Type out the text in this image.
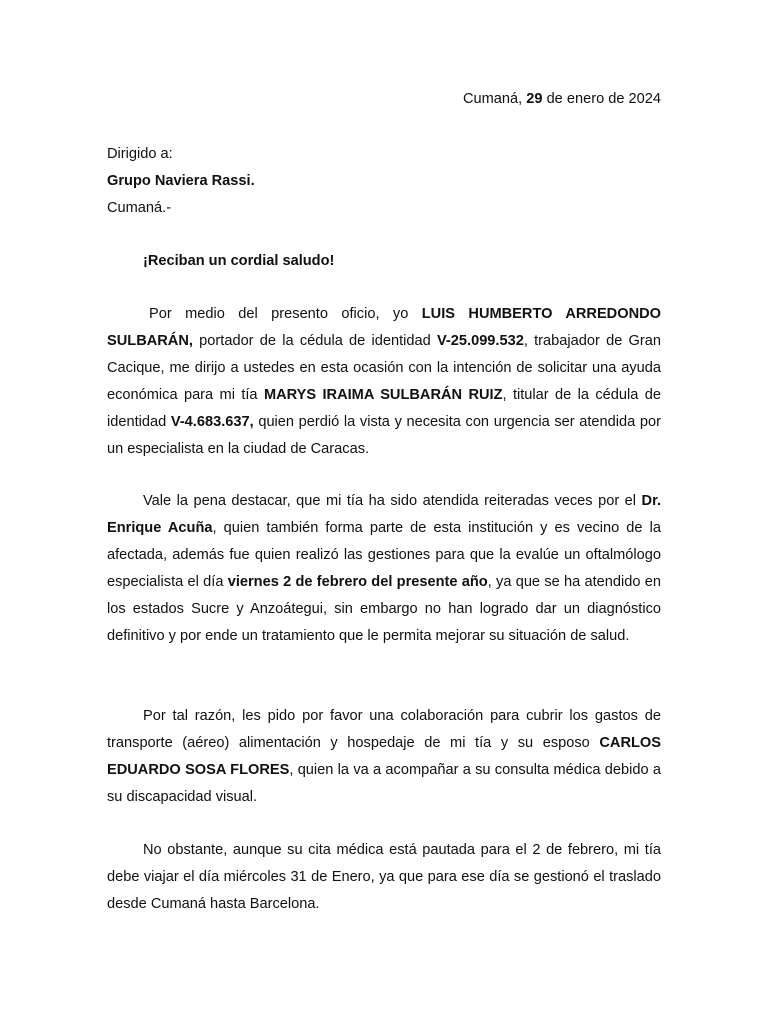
Cumaná, 29 de enero de 2024
Dirigido a:
Grupo Naviera Rassi.
Cumaná.-
¡Reciban un cordial saludo!
Por medio del presento oficio, yo LUIS HUMBERTO ARREDONDO SULBARÁN, portador de la cédula de identidad V-25.099.532, trabajador de Gran Cacique, me dirijo a ustedes en esta ocasión con la intención de solicitar una ayuda económica para mi tía MARYS IRAIMA SULBARÁN RUIZ, titular de la cédula de identidad V-4.683.637, quien perdió la vista y necesita con urgencia ser atendida por un especialista en la ciudad de Caracas.
Vale la pena destacar, que mi tía ha sido atendida reiteradas veces por el Dr. Enrique Acuña, quien también forma parte de esta institución y es vecino de la afectada, además fue quien realizó las gestiones para que la evalúe un oftalmólogo especialista el día viernes 2 de febrero del presente año, ya que se ha atendido en los estados Sucre y Anzoátegui, sin embargo no han logrado dar un diagnóstico definitivo y por ende un tratamiento que le permita mejorar su situación de salud.
Por tal razón, les pido por favor una colaboración para cubrir los gastos de transporte (aéreo) alimentación y hospedaje de mi tía y su esposo CARLOS EDUARDO SOSA FLORES, quien la va a acompañar a su consulta médica debido a su discapacidad visual.
No obstante, aunque su cita médica está pautada para el 2 de febrero, mi tía debe viajar el día miércoles 31 de Enero, ya que para ese día se gestionó el traslado desde Cumaná hasta Barcelona.
